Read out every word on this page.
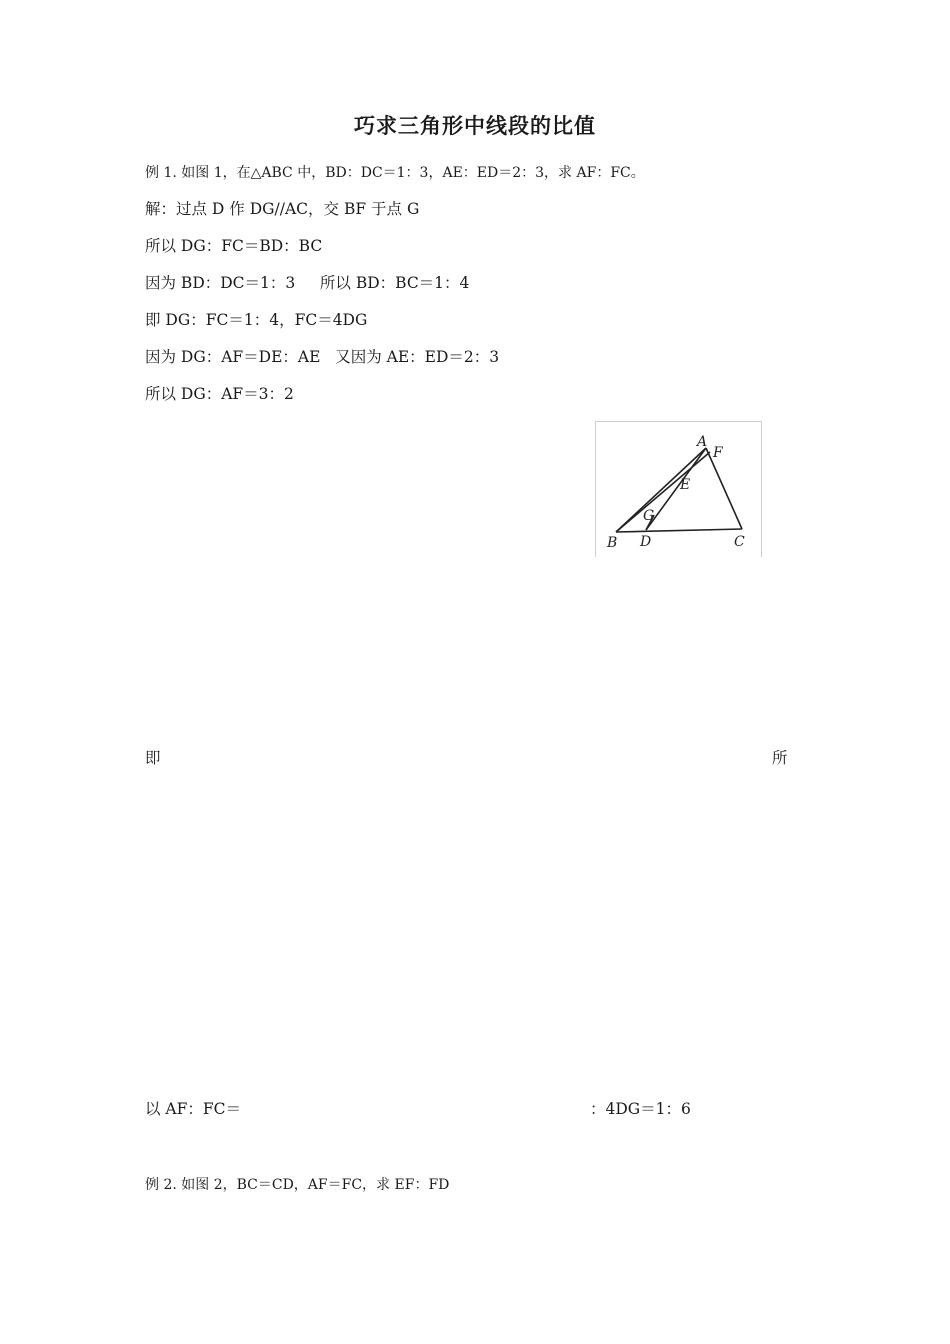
巧求三角形中线段的比值
例 1. 如图 1，在△ABC 中，BD：DC＝1：3，AE：ED＝2：3，求 AF：FC。
解：过点 D 作 DG//AC，交 BF 于点 G
所以 DG：FC＝BD：BC
因为 BD：DC＝1：3     所以 BD：BC＝1：4
即 DG：FC＝1：4，FC＝4DG
因为 DG：AF＝DE：AE   又因为 AE：ED＝2：3
所以 DG：AF＝3：2
A
F
E
G
B D	C
即	所
以 AF：FC＝	：4DG＝1：6
例 2. 如图 2，BC＝CD，AF＝FC，求 EF：FD
